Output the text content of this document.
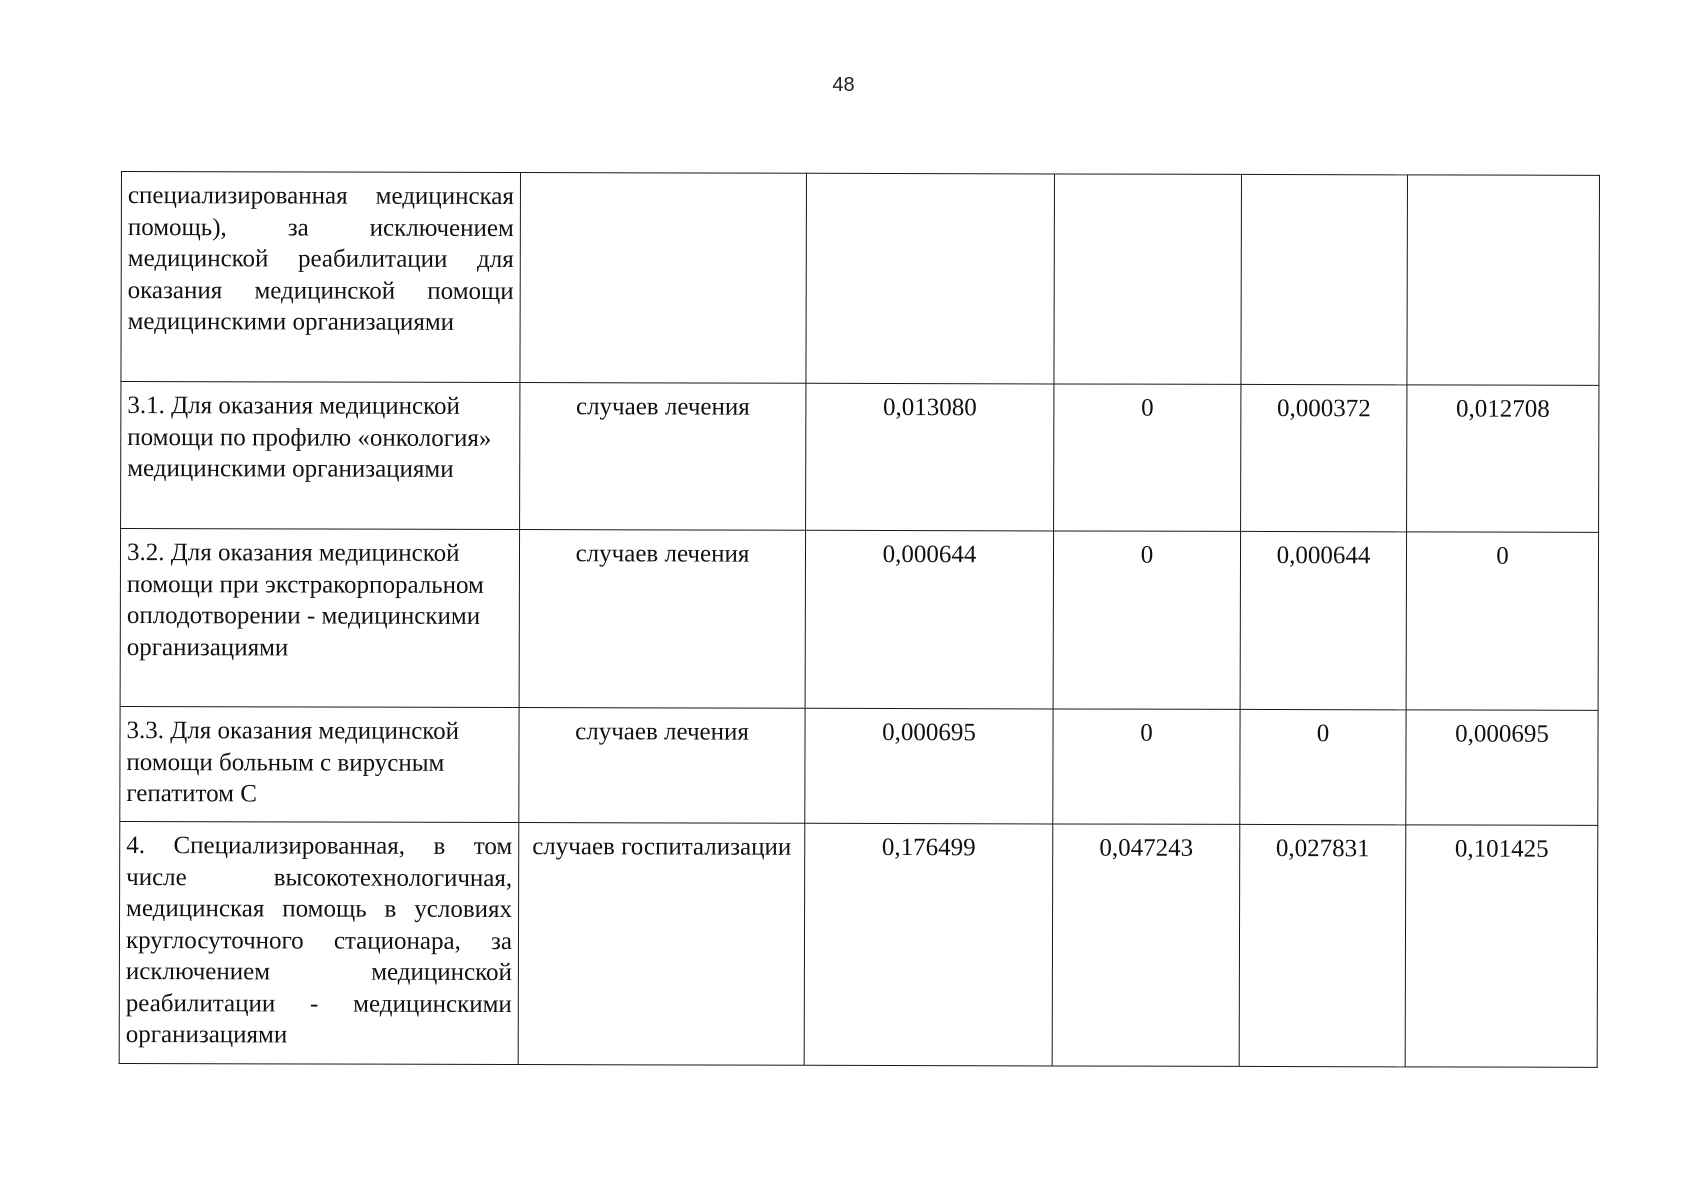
48
специализированная медицинская помощь), за исключением медицинской реабилитации для оказания медицинской помощи медицинскими организациями					
3.1. Для оказания медицинской помощи по профилю «онкология» медицинскими организациями	случаев лечения	0,013080	0	0,000372	0,012708
3.2. Для оказания медицинской помощи при экстракорпоральном оплодотворении - медицинскими организациями	случаев лечения	0,000644	0	0,000644	0
3.3. Для оказания медицинской помощи больным с вирусным гепатитом С	случаев лечения	0,000695	0	0	0,000695
4. Специализированная, в том числе высокотехнологичная, медицинская помощь в условиях круглосуточного стационара, за исключением медицинской реабилитации - медицинскими организациями	случаев госпитализации	0,176499	0,047243	0,027831	0,101425
